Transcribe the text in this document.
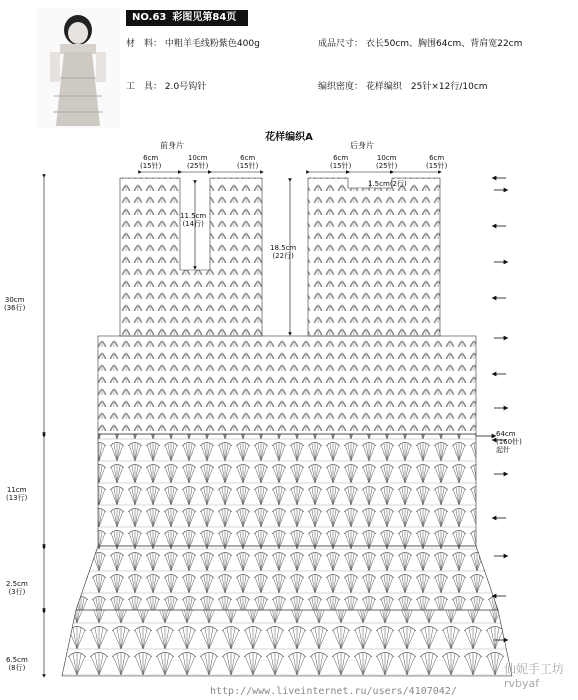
NO.63 彩图见第84页
材　料： 中粗羊毛线粉紫色400g
工　具： 2.0号钩针
成品尺寸： 衣长50cm、胸围64cm、背肩宽22cm
编织密度： 花样编织　25针×12行/10cm
花样编织A
前身片	后身片
6cm
(15针)
10cm
(25针)
6cm
(15针)
6cm
(15针)
10cm
(25针)
6cm
(15针)
1.5cm(2行)
11.5cm
(14行)
18.5cm
(22行)
30cm
(36行)
11cm
(13行)
2.5cm
(3行)
6.5cm
(8行)
64cm
(160针)
起针
http://www.liveinternet.ru/users/4107042/
仙妮手工坊
rvbyaf
